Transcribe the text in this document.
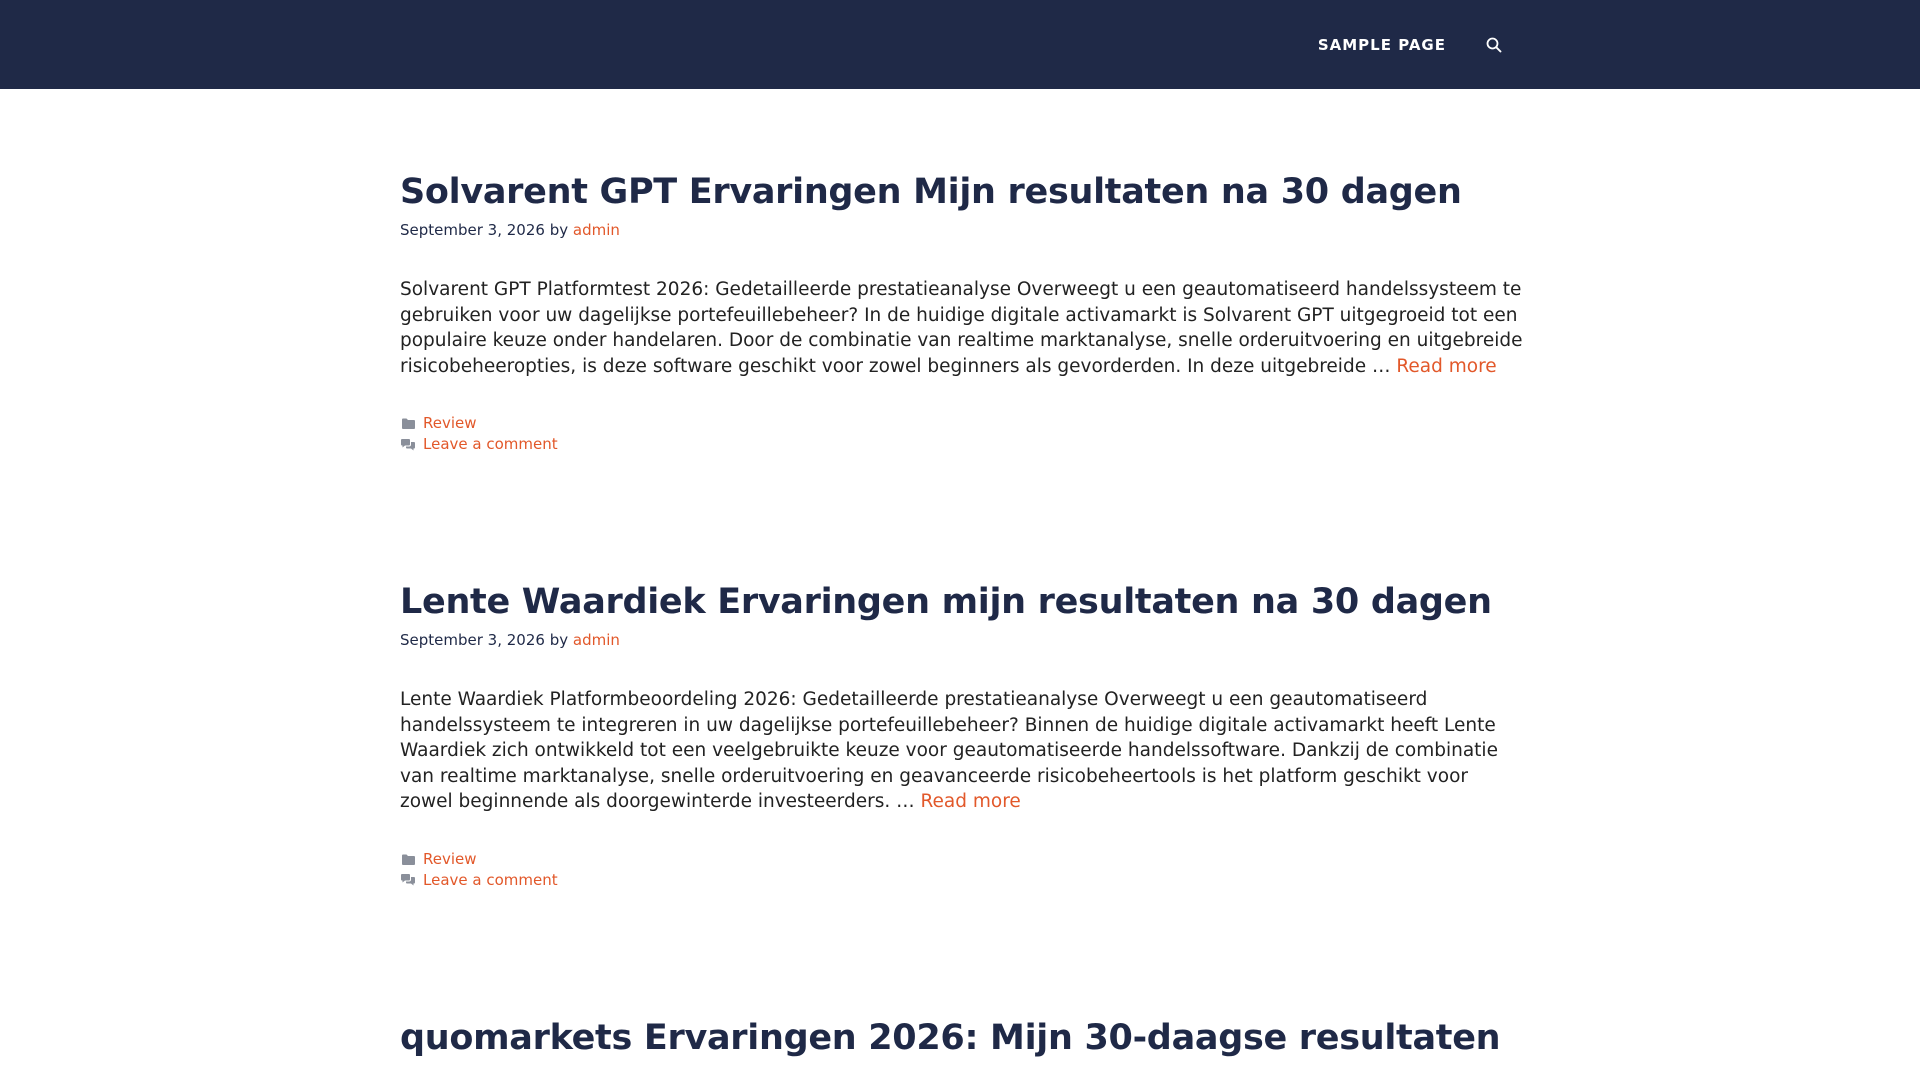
SAMPLE PAGE
Solvarent GPT Ervaringen Mijn resultaten na 30 dagen
September 3, 2026 by admin

Solvarent GPT Platformtest 2026: Gedetailleerde prestatieanalyse Overweegt u een geautomatiseerd handelssysteem te gebruiken voor uw dagelijkse portefeuillebeheer? In de huidige digitale activamarkt is Solvarent GPT uitgegroeid tot een populaire keuze onder handelaren. Door de combinatie van realtime marktanalyse, snelle orderuitvoering en uitgebreide risicobeheeropties, is deze software geschikt voor zowel beginners als gevorderden. In deze uitgebreide … Read more

Review
Leave a comment
Lente Waardiek Ervaringen mijn resultaten na 30 dagen
September 3, 2026 by admin

Lente Waardiek Platformbeoordeling 2026: Gedetailleerde prestatieanalyse Overweegt u een geautomatiseerd handelssysteem te integreren in uw dagelijkse portefeuillebeheer? Binnen de huidige digitale activamarkt heeft Lente Waardiek zich ontwikkeld tot een veelgebruikte keuze voor geautomatiseerde handelssoftware. Dankzij de combinatie van realtime marktanalyse, snelle orderuitvoering en geavanceerde risicobeheertools is het platform geschikt voor zowel beginnende als doorgewinterde investeerders. … Read more

Review
Leave a comment
quomarkets Ervaringen 2026: Mijn 30-daagse resultaten
